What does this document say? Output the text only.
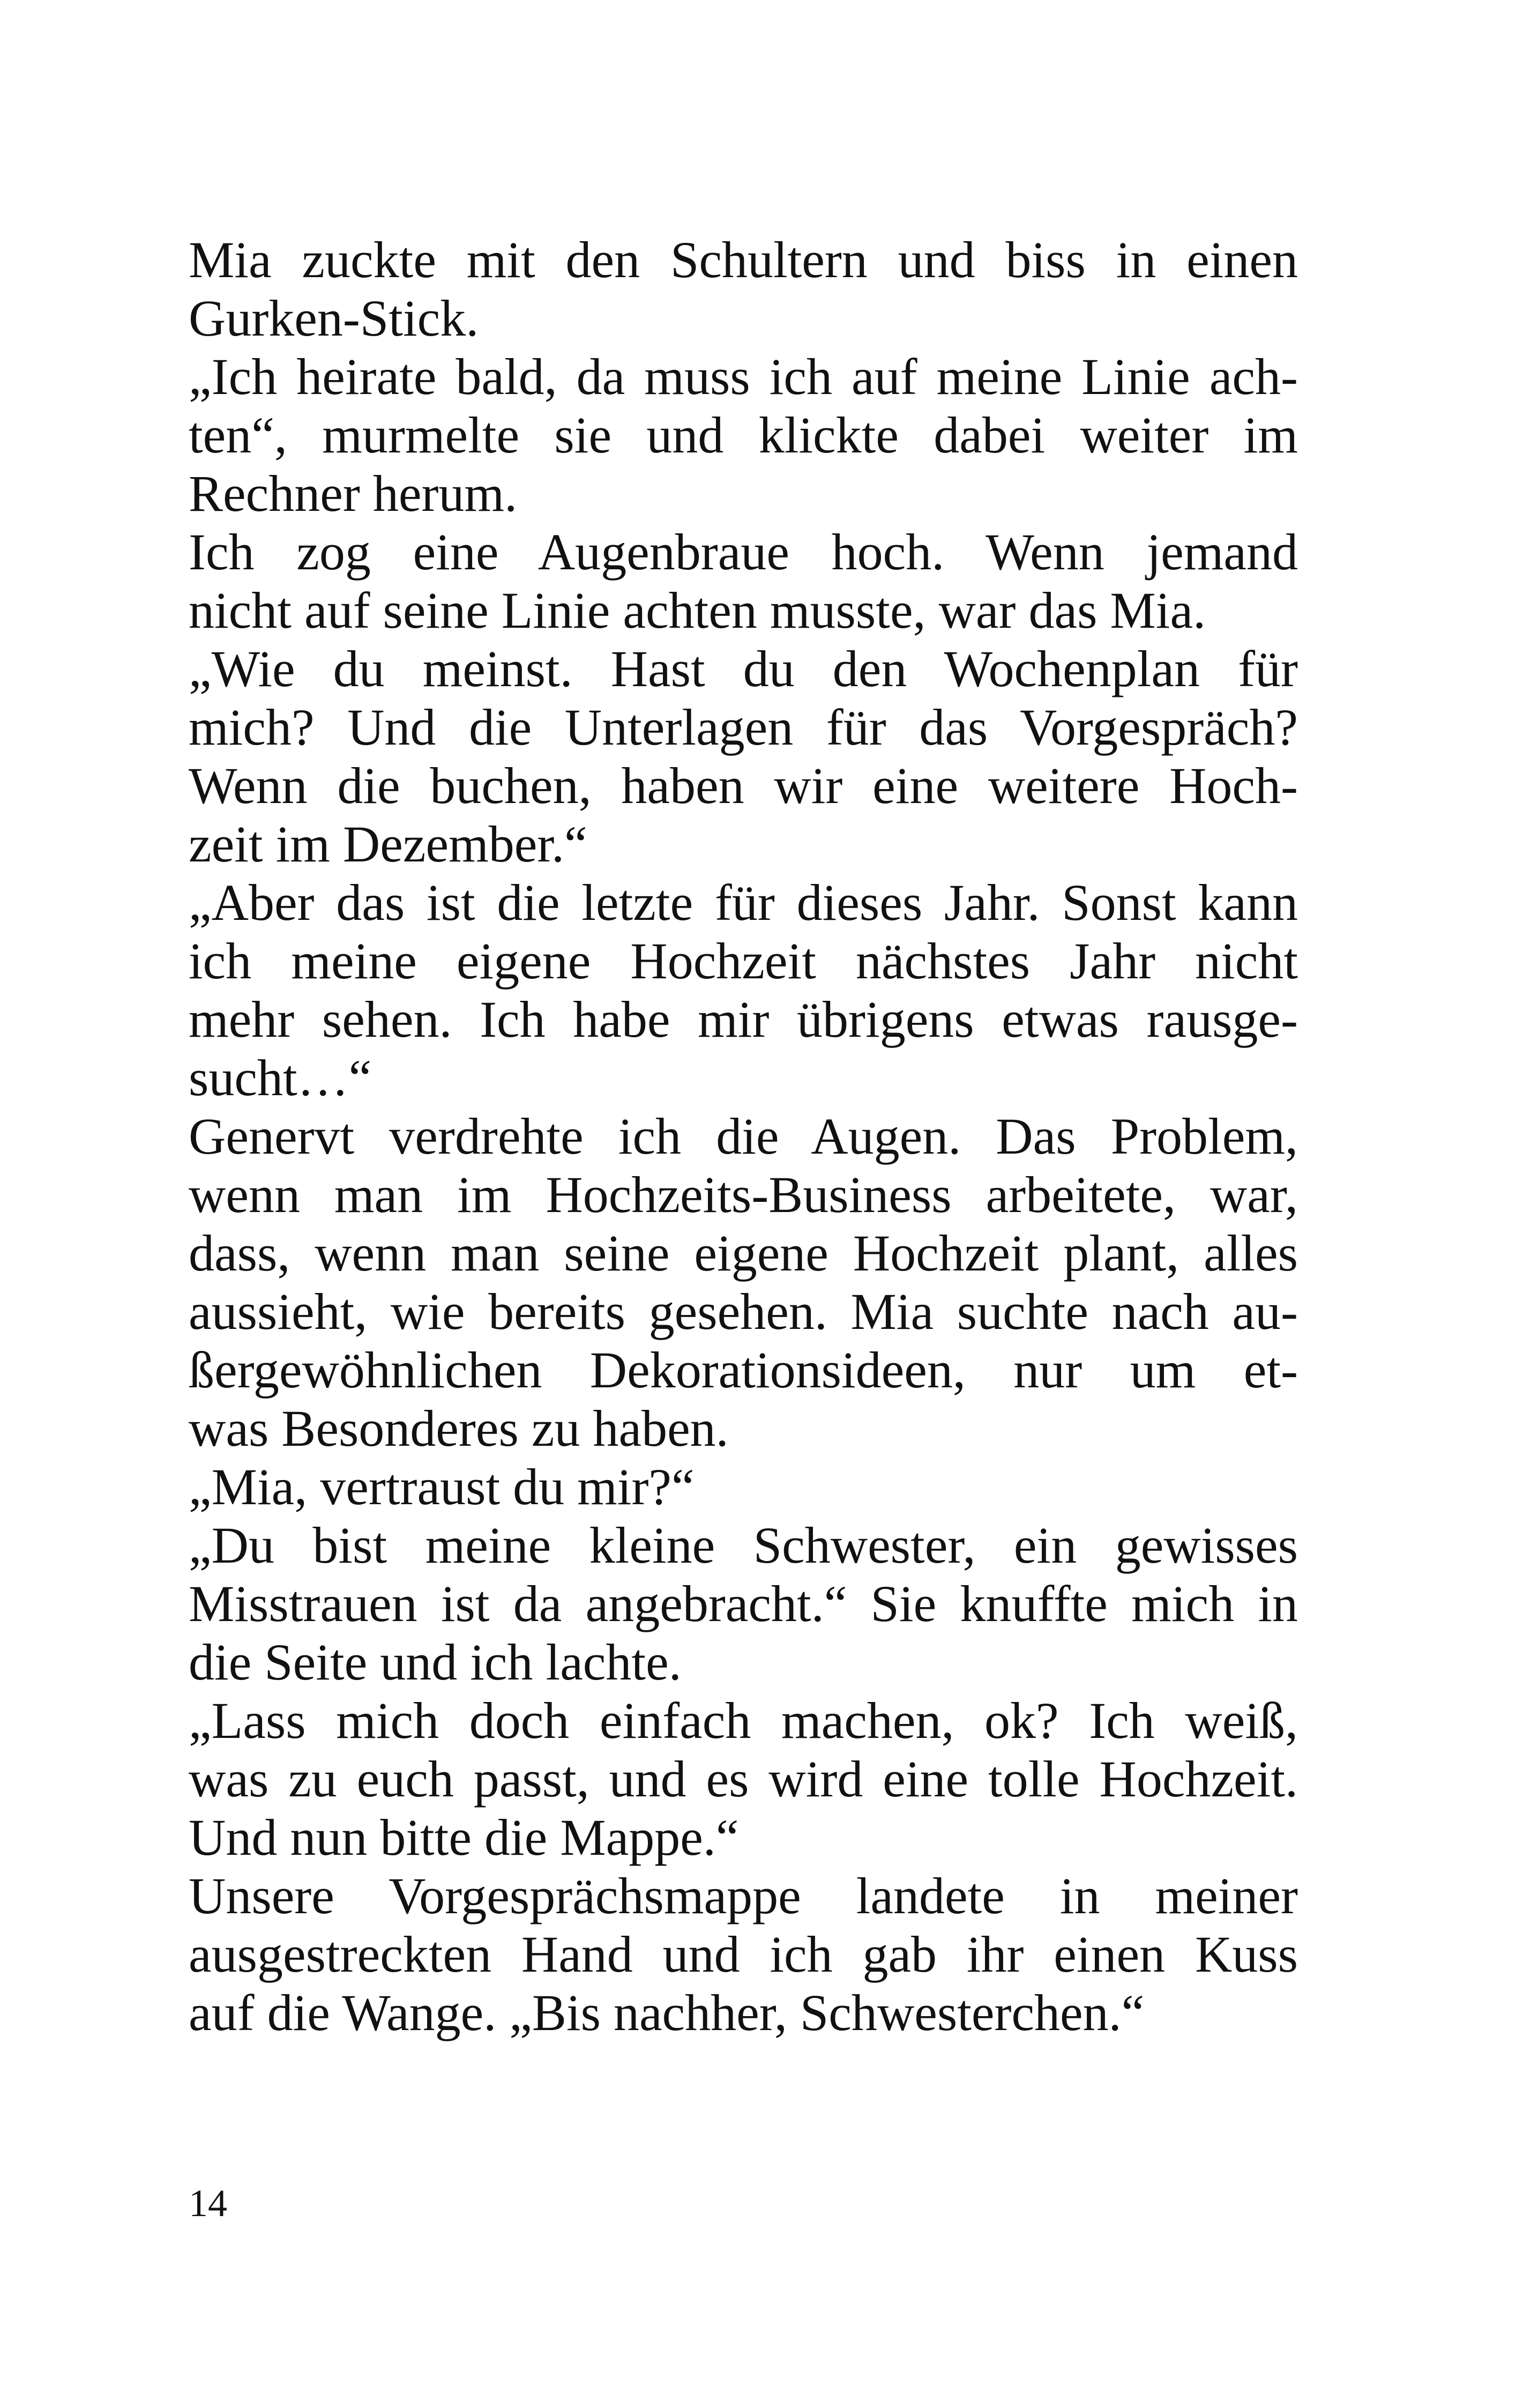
Mia zuckte mit den Schultern und biss in einen
Gurken-Stick.
„Ich heirate bald, da muss ich auf meine Linie ach-
ten“, murmelte sie und klickte dabei weiter im
Rechner herum.
Ich zog eine Augenbraue hoch. Wenn jemand
nicht auf seine Linie achten musste, war das Mia.
„Wie du meinst. Hast du den Wochenplan für
mich? Und die Unterlagen für das Vorgespräch?
Wenn die buchen, haben wir eine weitere Hoch-
zeit im Dezember.“
„Aber das ist die letzte für dieses Jahr. Sonst kann
ich meine eigene Hochzeit nächstes Jahr nicht
mehr sehen. Ich habe mir übrigens etwas rausge-
sucht…“
Genervt verdrehte ich die Augen. Das Problem,
wenn man im Hochzeits-Business arbeitete, war,
dass, wenn man seine eigene Hochzeit plant, alles
aussieht, wie bereits gesehen. Mia suchte nach au-
ßergewöhnlichen Dekorationsideen, nur um et-
was Besonderes zu haben.
„Mia, vertraust du mir?“
„Du bist meine kleine Schwester, ein gewisses
Misstrauen ist da angebracht.“ Sie knuffte mich in
die Seite und ich lachte.
„Lass mich doch einfach machen, ok? Ich weiß,
was zu euch passt, und es wird eine tolle Hochzeit.
Und nun bitte die Mappe.“
Unsere Vorgesprächsmappe landete in meiner
ausgestreckten Hand und ich gab ihr einen Kuss
auf die Wange. „Bis nachher, Schwesterchen.“
14
